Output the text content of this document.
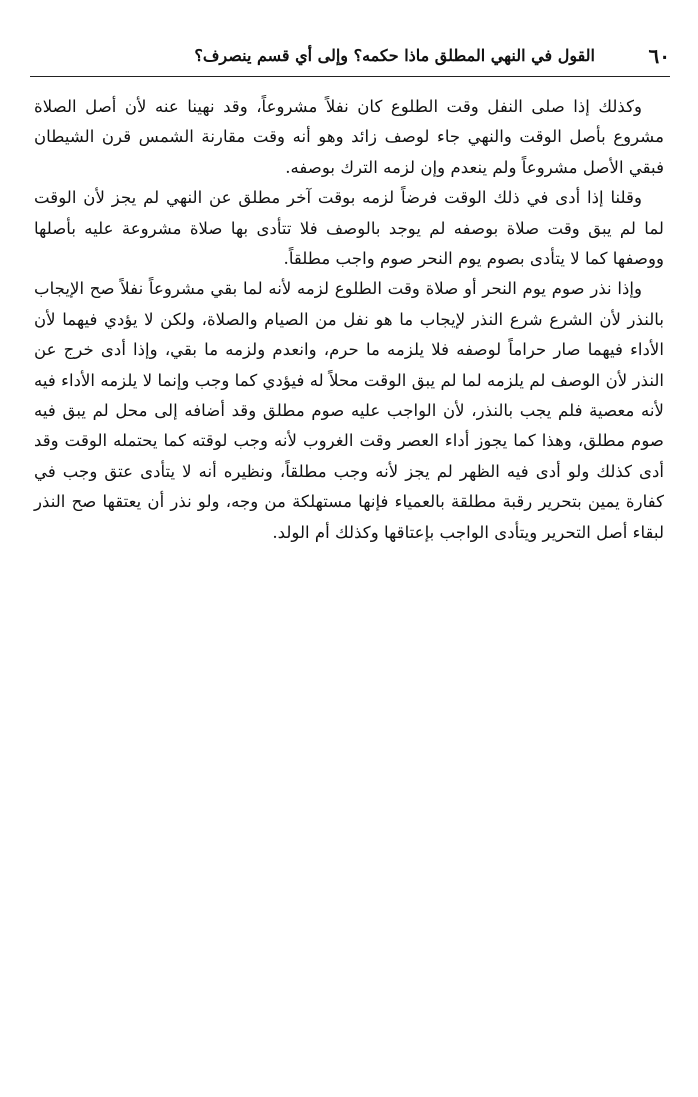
٦٠
القول في النهي المطلق ماذا حكمه؟ وإلى أي قسم ينصرف؟

وكذلك إذا صلى النفل وقت الطلوع كان نفلاً مشروعاً، وقد نهينا عنه لأن أصل الصلاة مشروع بأصل الوقت والنهي جاء لوصف زائد وهو أنه وقت مقارنة الشمس قرن الشيطان فبقي الأصل مشروعاً ولم ينعدم وإن لزمه الترك بوصفه.

وقلنا إذا أدى في ذلك الوقت فرضاً لزمه بوقت آخر مطلق عن النهي لم يجز لأن الوقت لما لم يبق وقت صلاة بوصفه لم يوجد بالوصف فلا تتأدى بها صلاة مشروعة عليه بأصلها ووصفها كما لا يتأدى بصوم يوم النحر صوم واجب مطلقاً.

وإذا نذر صوم يوم النحر أو صلاة وقت الطلوع لزمه لأنه لما بقي مشروعاً نفلاً صح الإيجاب بالنذر لأن الشرع شرع النذر لإيجاب ما هو نفل من الصيام والصلاة، ولكن لا يؤدي فيهما لأن الأداء فيهما صار حراماً لوصفه فلا يلزمه ما حرم، وانعدم ولزمه ما بقي، وإذا أدى خرج عن النذر لأن الوصف لم يلزمه لما لم يبق الوقت محلاً له فيؤدي كما وجب وإنما لا يلزمه الأداء فيه لأنه معصية فلم يجب بالنذر، لأن الواجب عليه صوم مطلق وقد أضافه إلى محل لم يبق فيه صوم مطلق، وهذا كما يجوز أداء العصر وقت الغروب لأنه وجب لوقته كما يحتمله الوقت وقد أدى كذلك ولو أدى فيه الظهر لم يجز لأنه وجب مطلقاً، ونظيره أنه لا يتأدى عتق وجب في كفارة يمين بتحرير رقبة مطلقة بالعمياء فإنها مستهلكة من وجه، ولو نذر أن يعتقها صح النذر لبقاء أصل التحرير ويتأدى الواجب بإعتاقها وكذلك أم الولد.
